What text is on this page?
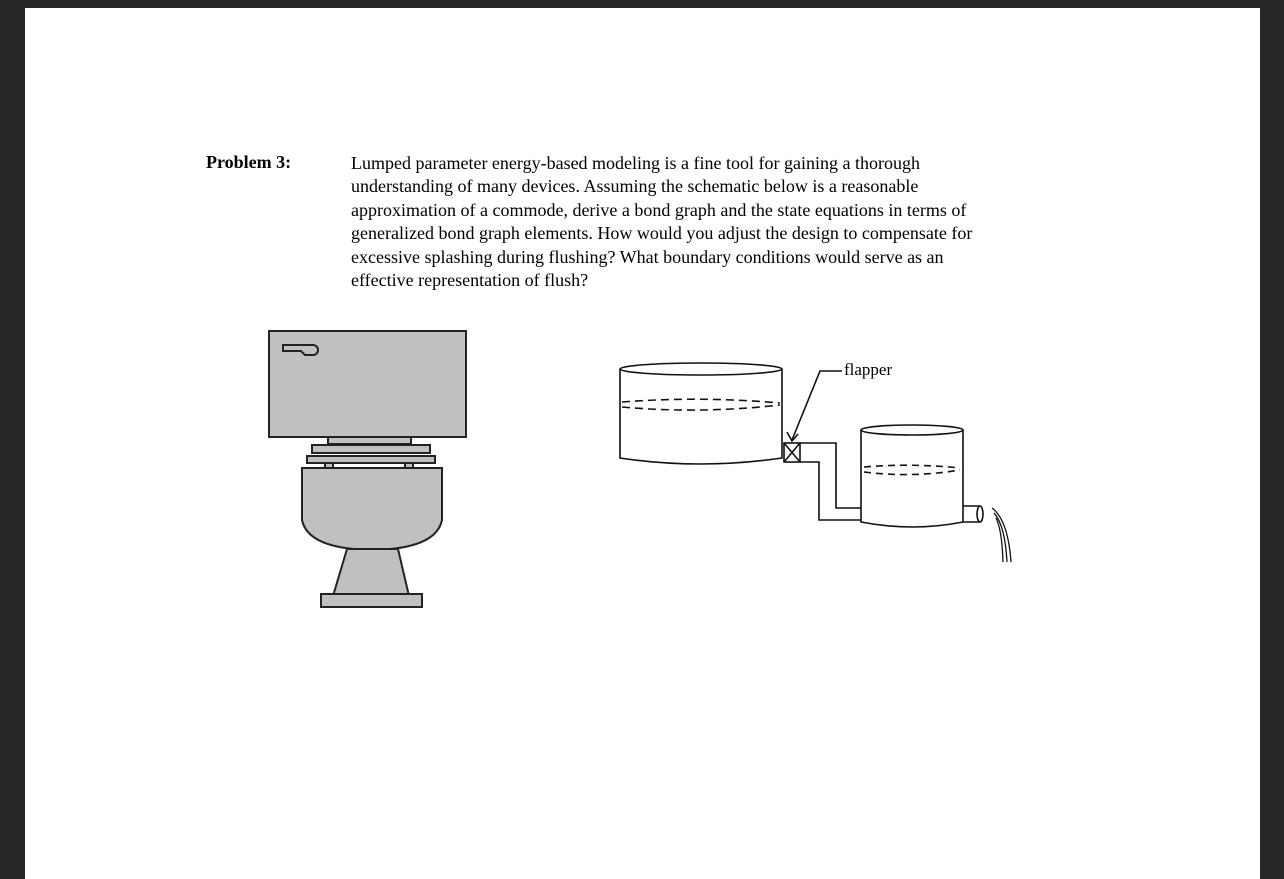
Problem 3:	Lumped parameter energy-based modeling is a fine tool for gaining a thorough
understanding of many devices. Assuming the schematic below is a reasonable
approximation of a commode, derive a bond graph and the state equations in terms of
generalized bond graph elements. How would you adjust the design to compensate for
excessive splashing during flushing? What boundary conditions would serve as an
effective representation of flush?
flapper
